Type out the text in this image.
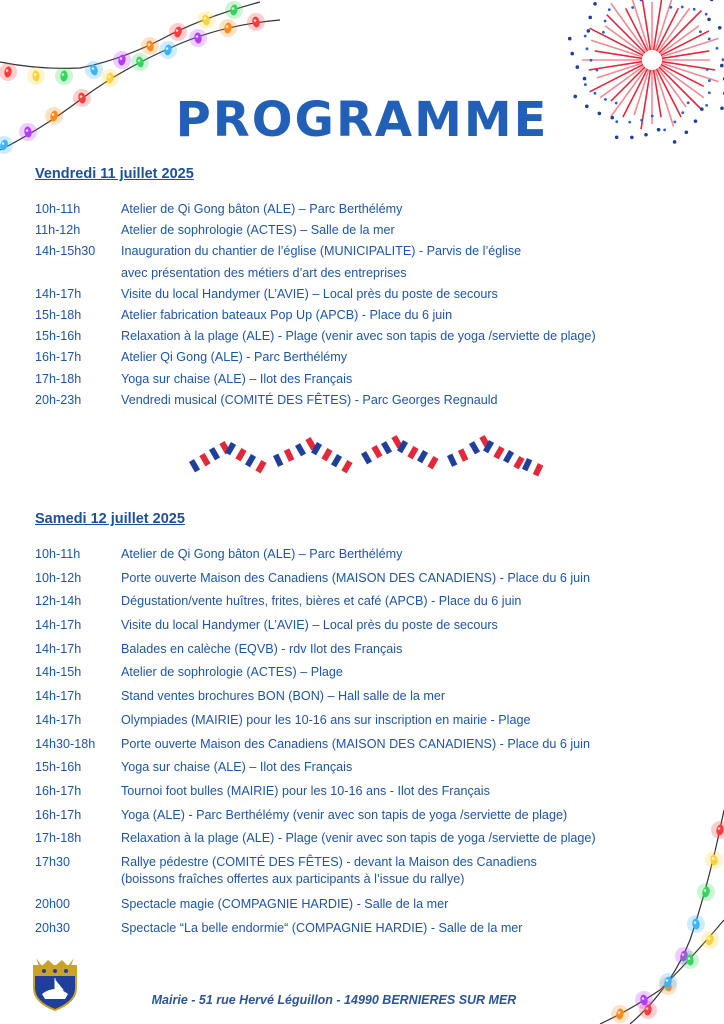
PROGRAMME
Vendredi 11 juillet 2025
10h-11h	Atelier de Qi Gong bâton (ALE) – Parc Berthélémy
11h-12h	Atelier de sophrologie (ACTES) – Salle de la mer
14h-15h30	Inauguration du chantier de l’église (MUNICIPALITE) - Parvis de l’église
avec présentation des métiers d’art des entreprises
14h-17h	Visite du local Handymer (L’AVIE) – Local près du poste de secours
15h-18h	Atelier fabrication bateaux Pop Up (APCB) - Place du 6 juin
15h-16h	Relaxation à la plage (ALE) - Plage (venir avec son tapis de yoga /serviette de plage)
16h-17h	Atelier Qi Gong (ALE) - Parc Berthélémy
17h-18h	Yoga sur chaise (ALE) – Ilot des Français
20h-23h	Vendredi musical (COMITÉ DES FÊTES) - Parc Georges Regnauld
Samedi 12 juillet 2025
10h-11h	Atelier de Qi Gong bâton (ALE) – Parc Berthélémy
10h-12h	Porte ouverte Maison des Canadiens (MAISON DES CANADIENS) - Place du 6 juin
12h-14h	Dégustation/vente huîtres, frites, bières et café (APCB) - Place du 6 juin
14h-17h	Visite du local Handymer (L’AVIE) – Local près du poste de secours
14h-17h	Balades en calèche (EQVB) - rdv Ilot des Français
14h-15h	Atelier de sophrologie (ACTES) – Plage
14h-17h	Stand ventes brochures BON (BON) – Hall salle de la mer
14h-17h	Olympiades (MAIRIE) pour les 10-16 ans sur inscription en mairie - Plage
14h30-18h	Porte ouverte Maison des Canadiens (MAISON DES CANADIENS) - Place du 6 juin
15h-16h	Yoga sur chaise (ALE) – Ilot des Français
16h-17h	Tournoi foot bulles (MAIRIE) pour les 10-16 ans - Ilot des Français
16h-17h	Yoga (ALE) - Parc Berthélémy (venir avec son tapis de yoga /serviette de plage)
17h-18h	Relaxation à la plage (ALE) - Plage (venir avec son tapis de yoga /serviette de plage)
17h30	Rallye pédestre (COMITÉ DES FÊTES) - devant la Maison des Canadiens
(boissons fraîches offertes aux participants à l’issue du rallye)
20h00	Spectacle magie (COMPAGNIE HARDIE) - Salle de la mer
20h30	Spectacle “La belle endormie“ (COMPAGNIE HARDIE) - Salle de la mer
Mairie - 51 rue Hervé Léguillon - 14990 BERNIERES SUR MER
